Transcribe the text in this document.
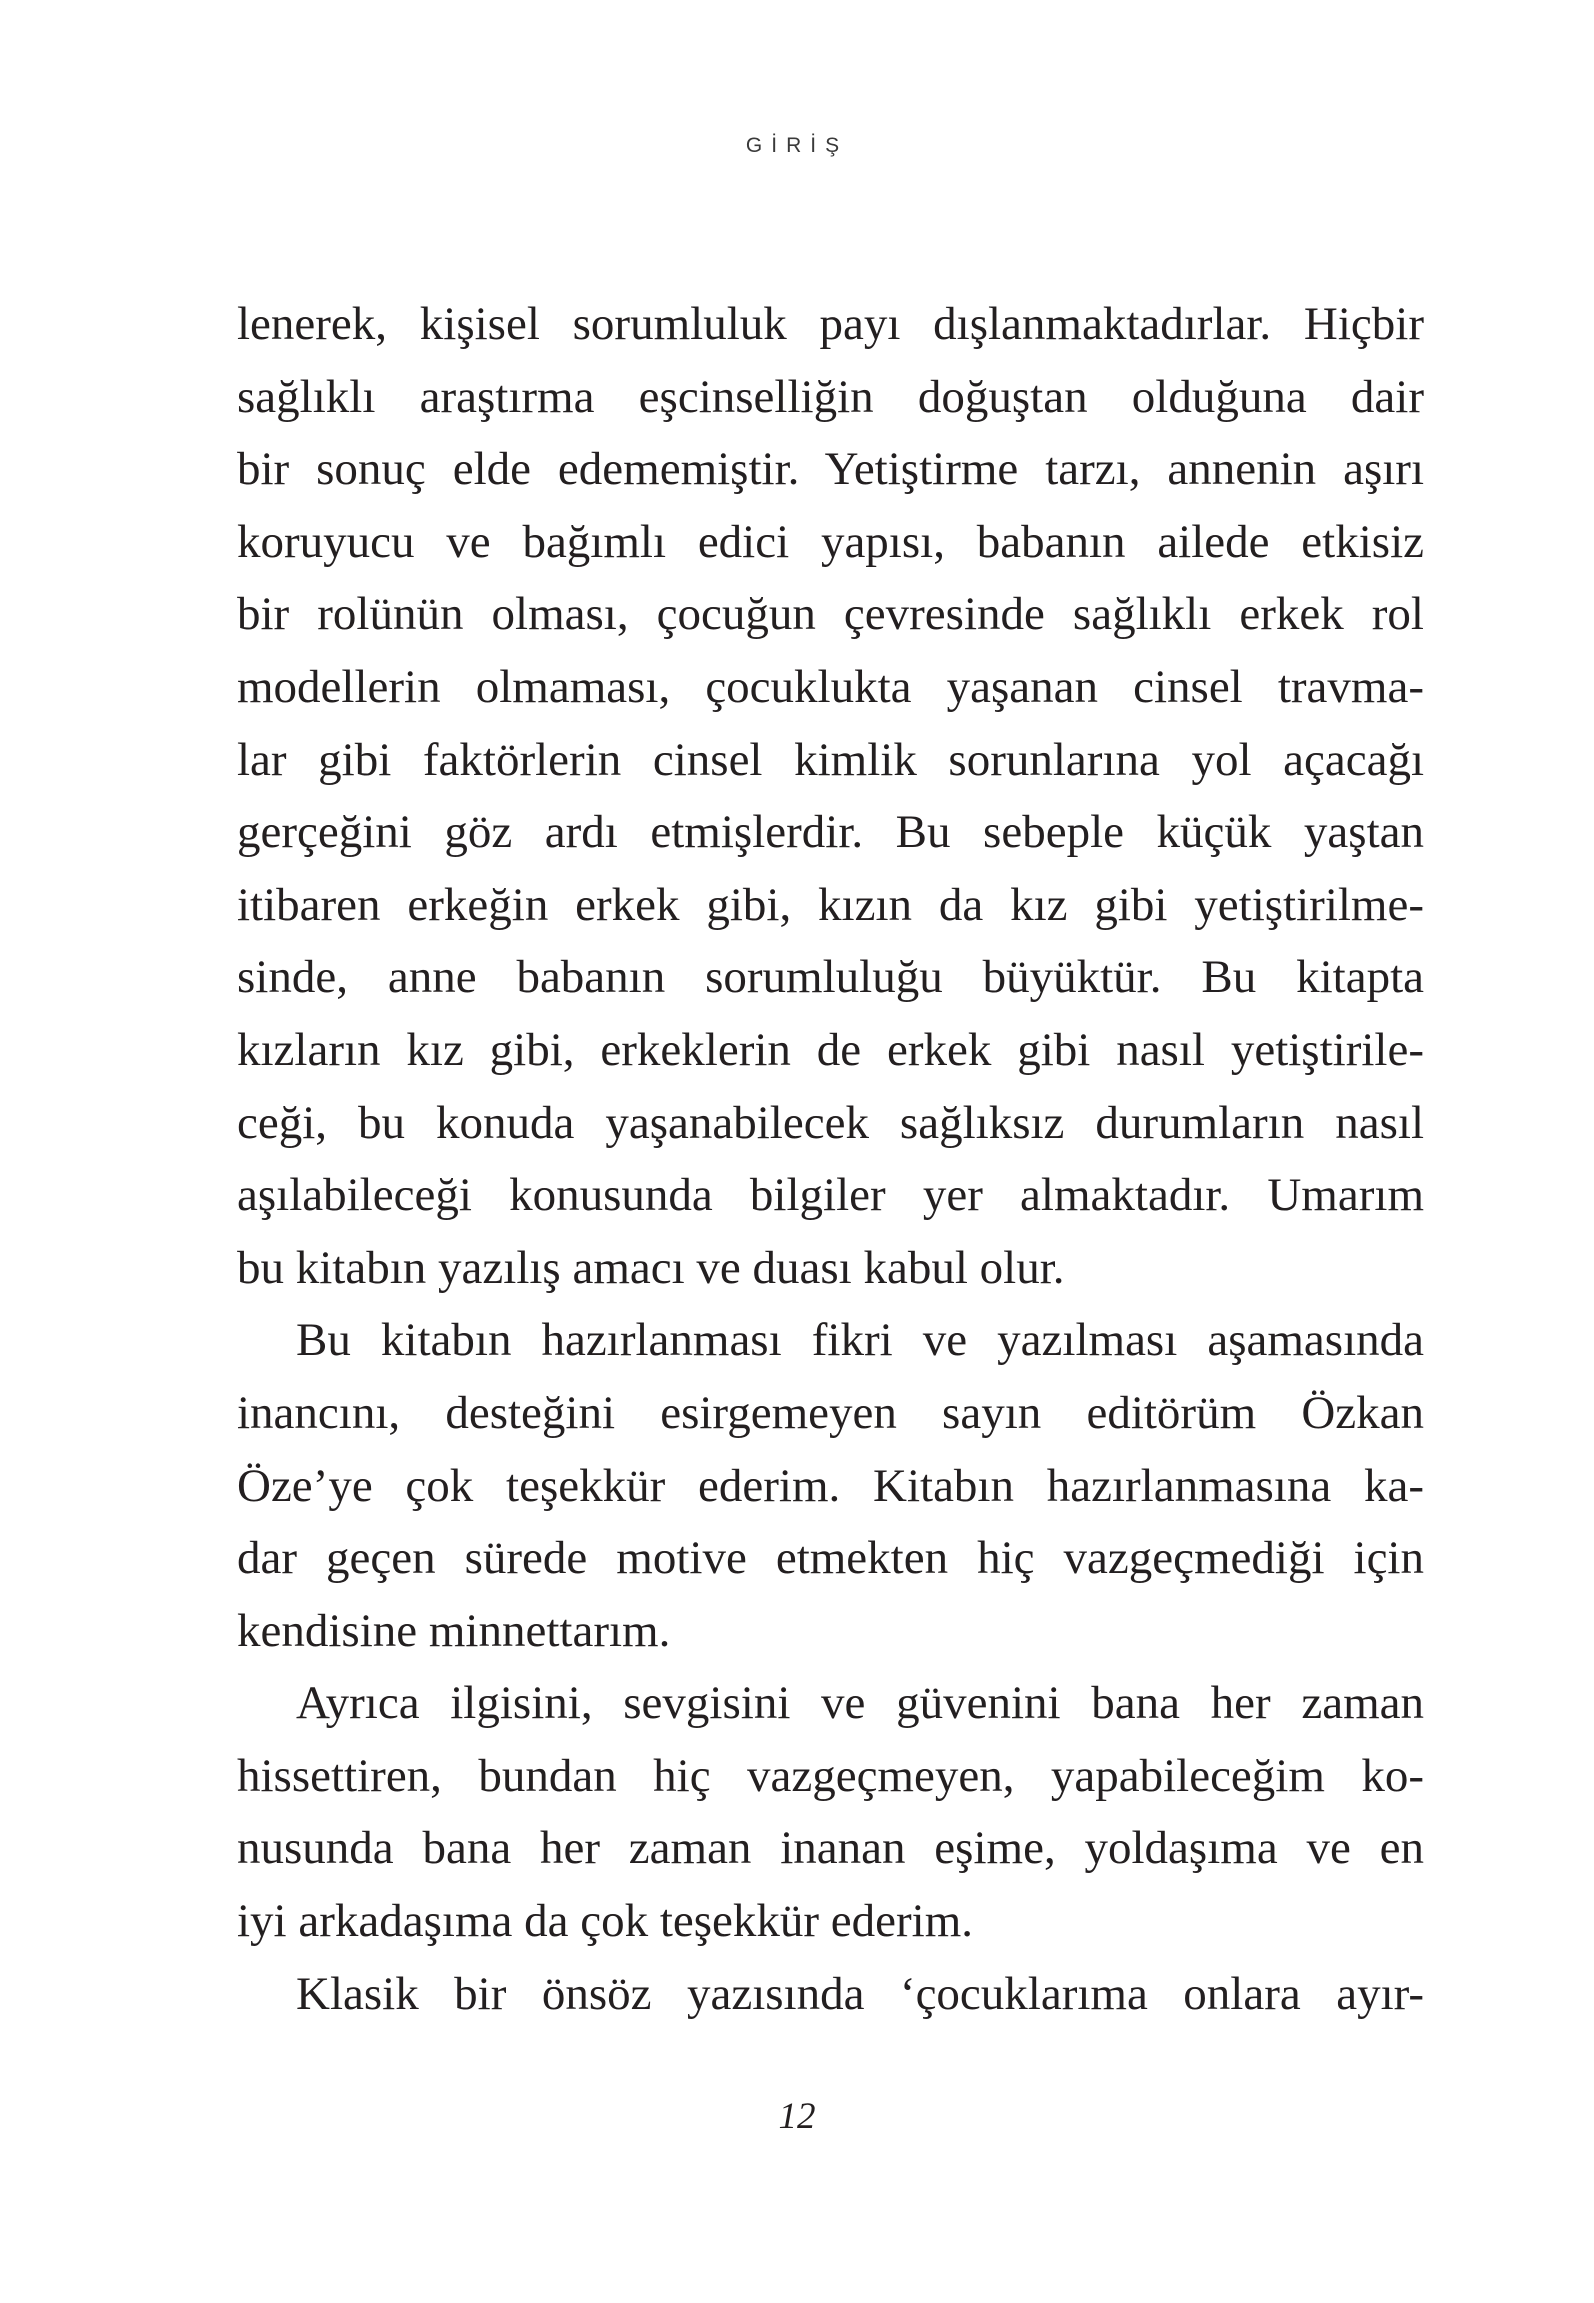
GİRİŞ
lenerek, kişisel sorumluluk payı dışlanmaktadırlar. Hiçbir
sağlıklı araştırma eşcinselliğin doğuştan olduğuna dair
bir sonuç elde edememiştir. Yetiştirme tarzı, annenin aşırı
koruyucu ve bağımlı edici yapısı, babanın ailede etkisiz
bir rolünün olması, çocuğun çevresinde sağlıklı erkek rol
modellerin olmaması, çocuklukta yaşanan cinsel travma-
lar gibi faktörlerin cinsel kimlik sorunlarına yol açacağı
gerçeğini göz ardı etmişlerdir. Bu sebeple küçük yaştan
itibaren erkeğin erkek gibi, kızın da kız gibi yetiştirilme-
sinde, anne babanın sorumluluğu büyüktür. Bu kitapta
kızların kız gibi, erkeklerin de erkek gibi nasıl yetiştirile-
ceği, bu konuda yaşanabilecek sağlıksız durumların nasıl
aşılabileceği konusunda bilgiler yer almaktadır. Umarım
bu kitabın yazılış amacı ve duası kabul olur.
Bu kitabın hazırlanması fikri ve yazılması aşamasında
inancını, desteğini esirgemeyen sayın editörüm Özkan
Öze’ye çok teşekkür ederim. Kitabın hazırlanmasına ka-
dar geçen sürede motive etmekten hiç vazgeçmediği için
kendisine minnettarım.
Ayrıca ilgisini, sevgisini ve güvenini bana her zaman
hissettiren, bundan hiç vazgeçmeyen, yapabileceğim ko-
nusunda bana her zaman inanan eşime, yoldaşıma ve en
iyi arkadaşıma da çok teşekkür ederim.
Klasik bir önsöz yazısında ‘çocuklarıma onlara ayır-
12
